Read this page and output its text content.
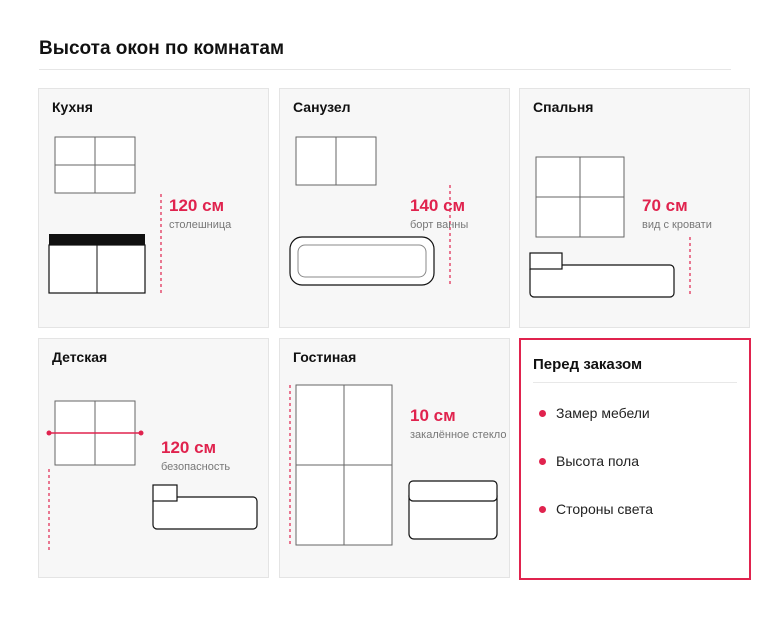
Высота окон по комнатам
Кухня
120 см
столешница
Санузел
140 см
борт ванны
Спальня
70 см
вид с кровати
Детская
120 см
безопасность
Гостиная
10 см
закалённое стекло
Перед заказом
Замер мебели
Высота пола
Стороны света
